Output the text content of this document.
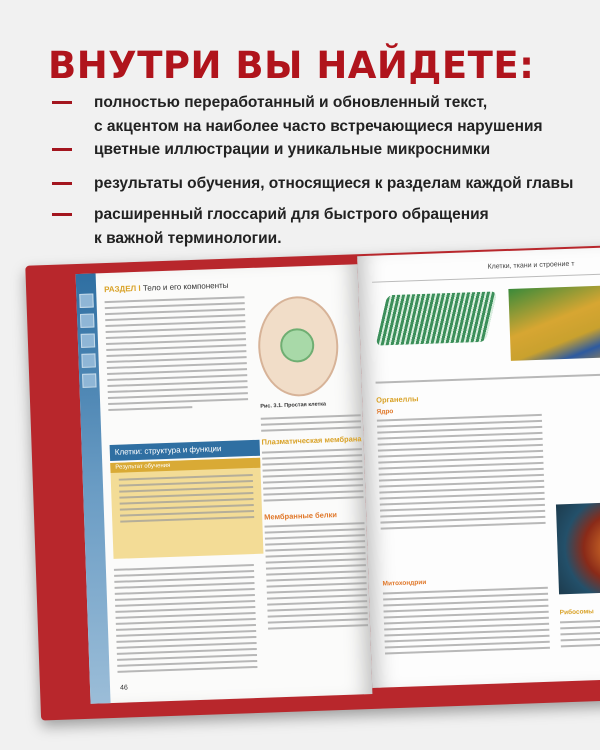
ВНУТРИ ВЫ НАЙДЕТЕ:
полностью переработанный и обновленный текст,
с акцентом на наиболее часто встречающиеся нарушения
цветные иллюстрации и уникальные микроснимки
результаты обучения, относящиеся к разделам каждой главы
расширенный глоссарий для быстрого обращения
к важной терминологии.
РАЗДЕЛ I Тело и его компоненты
Клетки: структура и функции
Результат обучения
Рис. 3.1. Простая клетка
Плазматическая мембрана
Мембранные белки
46
Клетки, ткани и строение т
Органеллы
Ядро
Митохондрии
Рибосомы
